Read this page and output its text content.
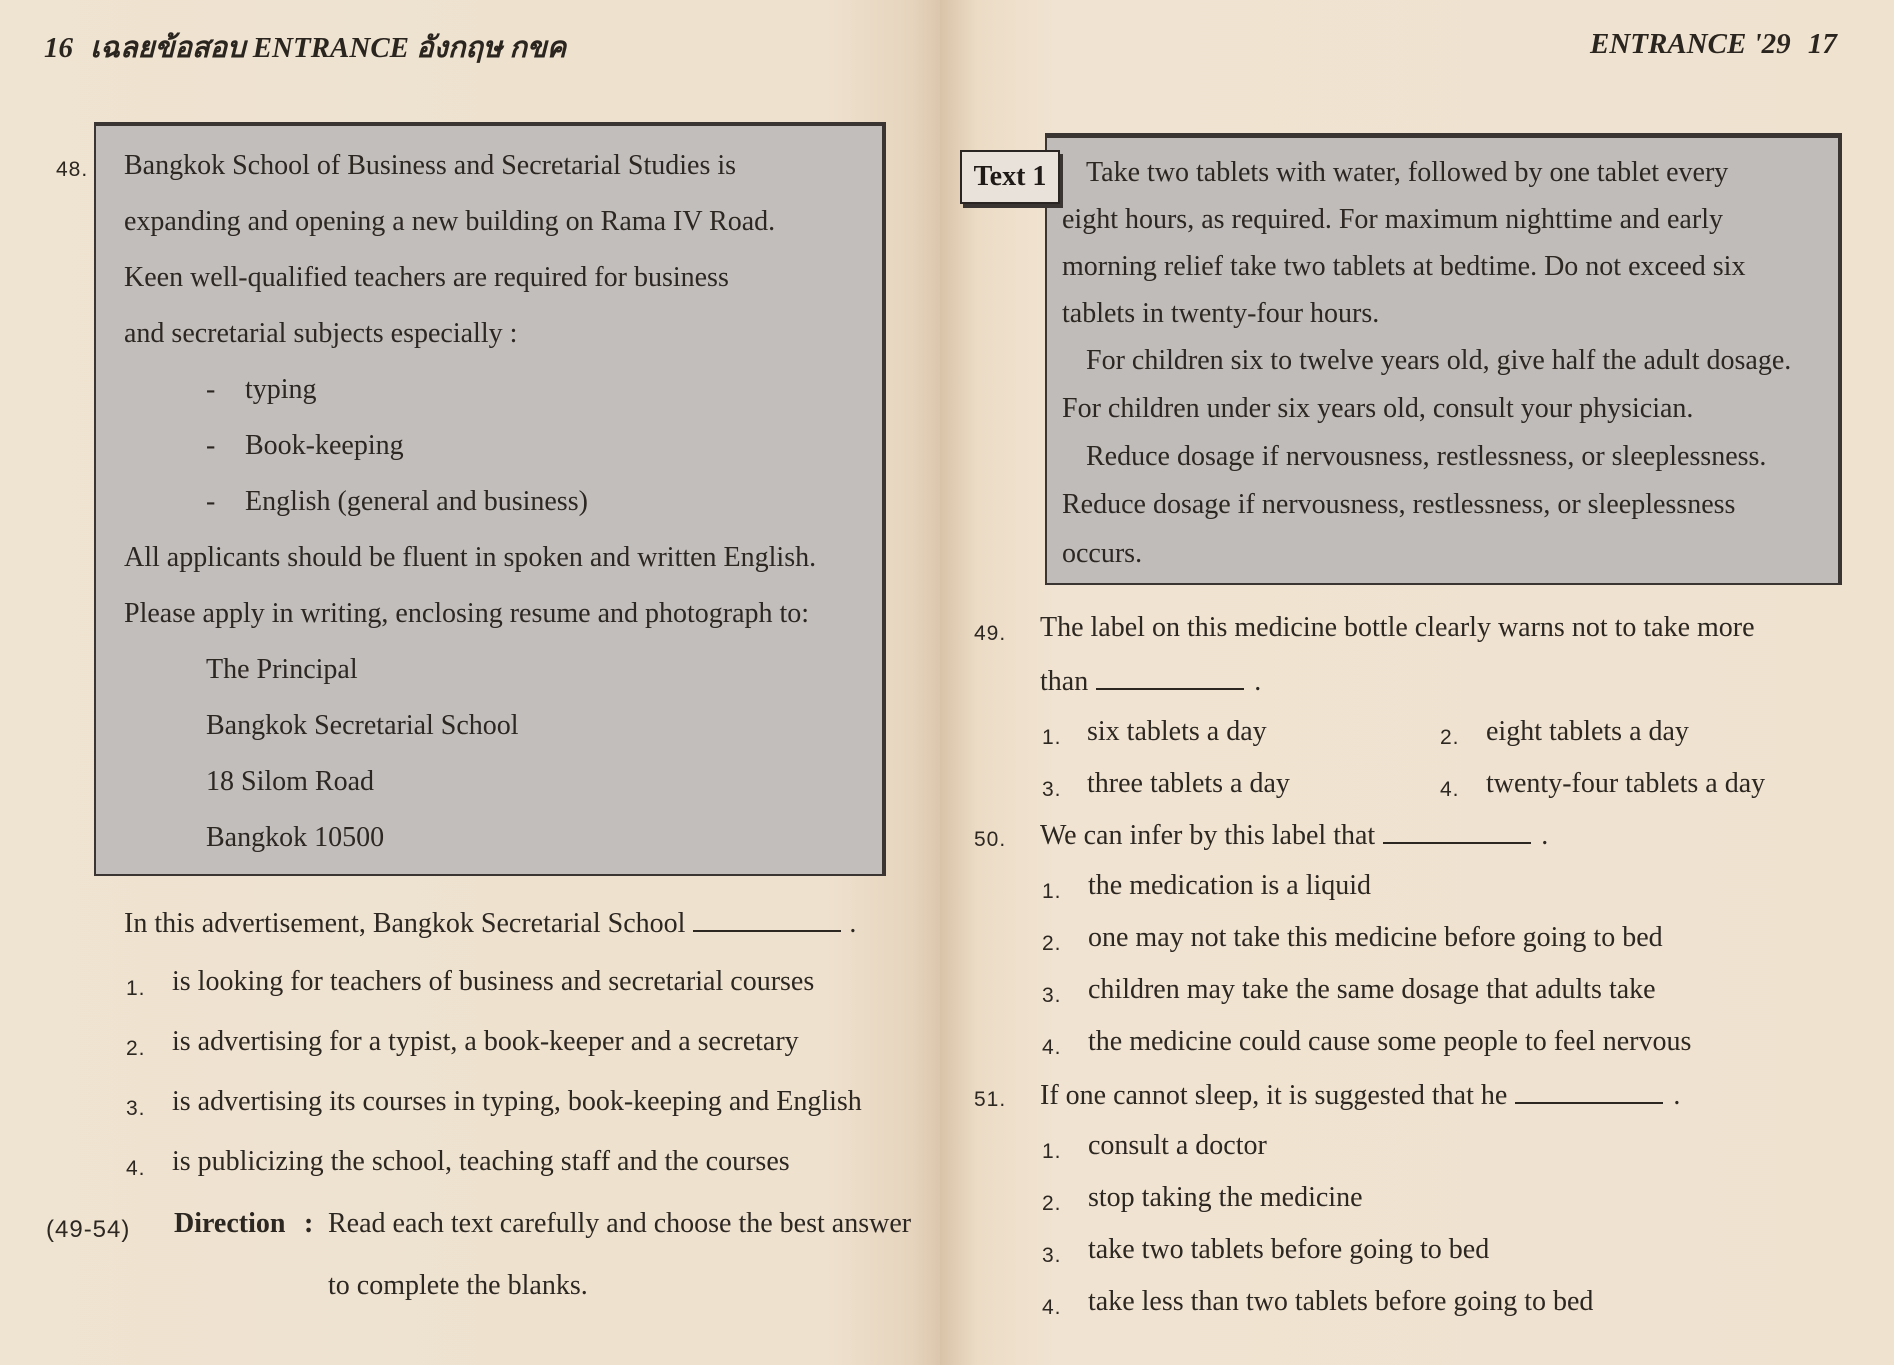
16 เฉลยข้อสอบ ENTRANCE อังกฤษ กขค
48. Bangkok School of Business and Secretarial Studies is
expanding and opening a new building on Rama IV Road.
Keen well-qualified teachers are required for business
and secretarial subjects especially :
- typing
- Book-keeping
- English (general and business)
All applicants should be fluent in spoken and written English.
Please apply in writing, enclosing resume and photograph to:
The Principal
Bangkok Secretarial School
18 Silom Road
Bangkok 10500
In this advertisement, Bangkok Secretarial School	.
1. is looking for teachers of business and secretarial courses
2. is advertising for a typist, a book-keeper and a secretary
3. is advertising its courses in typing, book-keeping and English
4. is publicizing the school, teaching staff and the courses
(49-54) Direction : Read each text carefully and choose the best answer
to complete the blanks.
ENTRANCE '29 17
Text 1	Take two tablets with water, followed by one tablet every
eight hours, as required. For maximum nighttime and early
morning relief take two tablets at bedtime. Do not exceed six
tablets in twenty-four hours.
For children six to twelve years old, give half the adult dosage.
For children under six years old, consult your physician.
Reduce dosage if nervousness, restlessness, or sleeplessness.
Reduce dosage if nervousness, restlessness, or sleeplessness
occurs.
49. The label on this medicine bottle clearly warns not to take more
than	.
1. six tablets a day	2. eight tablets a day
3. three tablets a day	4. twenty-four tablets a day
50. We can infer by this label that	.
1. the medication is a liquid
2. one may not take this medicine before going to bed
3. children may take the same dosage that adults take
4. the medicine could cause some people to feel nervous
51. If one cannot sleep, it is suggested that he	.
1. consult a doctor
2. stop taking the medicine
3. take two tablets before going to bed
4. take less than two tablets before going to bed
